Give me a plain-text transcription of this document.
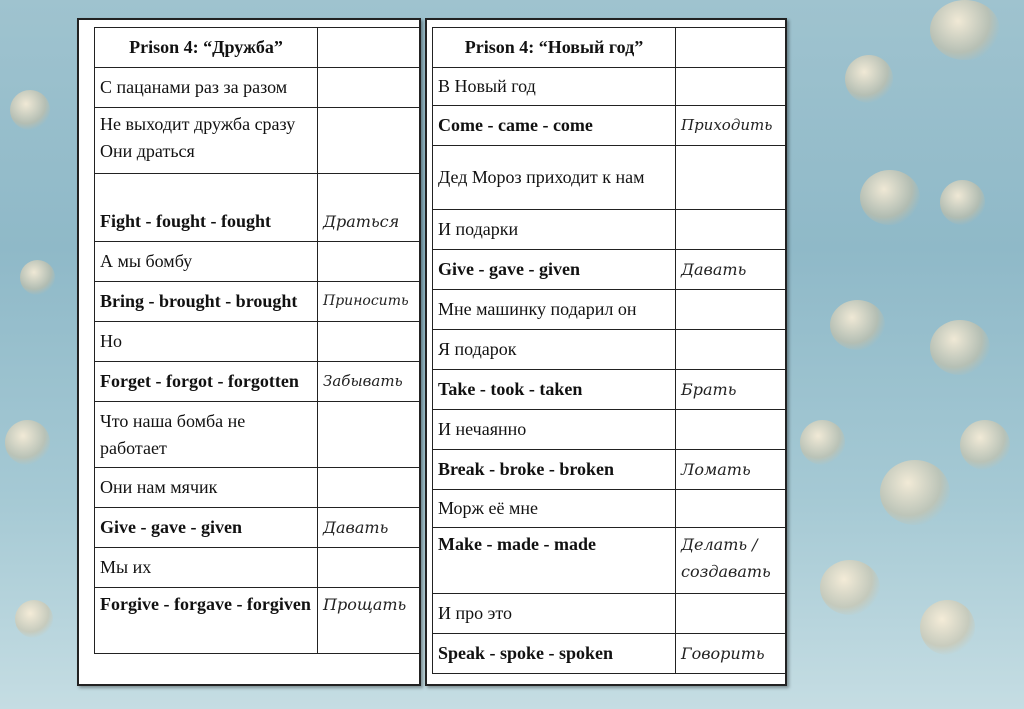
Prison 4: “Дружба”	
С пацанами раз за разом	
Не выходит дружба сразу Они драться	
Fight - fought - fought	Драться
А мы бомбу	
Bring - brought - brought	Приносить
Но	
Forget - forgot - forgotten	Забывать
Что наша бомба не работает	
Они нам мячик	
Give - gave - given	Давать
Мы их	
Forgive - forgave - forgiven	Прощать
Prison 4: “Новый год”	
В Новый год	
Come - came - come	Приходить
Дед Мороз приходит к нам	
И подарки	
Give - gave - given	Давать
Мне машинку подарил он	
Я подарок	
Take - took - taken	Брать
И нечаянно	
Break - broke - broken	Ломать
Морж её мне	
Make - made - made	Делать / создавать
И про это	
Speak - spoke - spoken	Говорить
